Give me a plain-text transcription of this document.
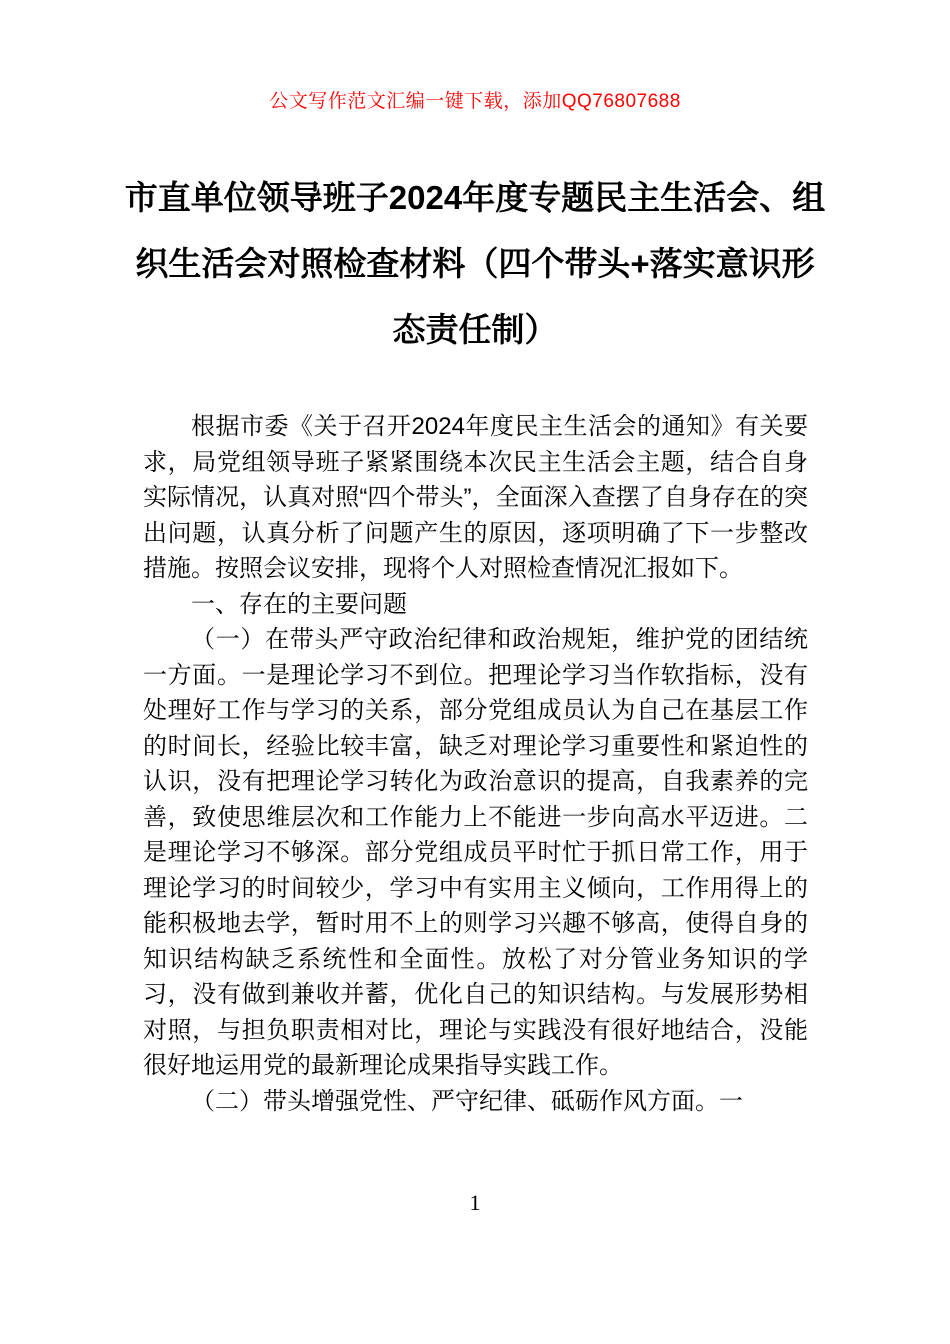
公文写作范文汇编一键下载，添加QQ76807688
市直单位领导班子2024年度专题民主生活会、组织生活会对照检查材料（四个带头+落实意识形态责任制）

根据市委《关于召开2024年度民主生活会的通知》有关要求，局党组领导班子紧紧围绕本次民主生活会主题，结合自身实际情况，认真对照“四个带头”，全面深入查摆了自身存在的突出问题，认真分析了问题产生的原因，逐项明确了下一步整改措施。按照会议安排，现将个人对照检查情况汇报如下。

一、存在的主要问题

（一）在带头严守政治纪律和政治规矩，维护党的团结统一方面。一是理论学习不到位。把理论学习当作软指标，没有处理好工作与学习的关系，部分党组成员认为自己在基层工作的时间长，经验比较丰富，缺乏对理论学习重要性和紧迫性的认识，没有把理论学习转化为政治意识的提高，自我素养的完善，致使思维层次和工作能力上不能进一步向高水平迈进。二是理论学习不够深。部分党组成员平时忙于抓日常工作，用于理论学习的时间较少，学习中有实用主义倾向，工作用得上的能积极地去学，暂时用不上的则学习兴趣不够高，使得自身的知识结构缺乏系统性和全面性。放松了对分管业务知识的学习，没有做到兼收并蓄，优化自己的知识结构。与发展形势相对照，与担负职责相对比，理论与实践没有很好地结合，没能很好地运用党的最新理论成果指导实践工作。

（二）带头增强党性、严守纪律、砥砺作风方面。一

1
